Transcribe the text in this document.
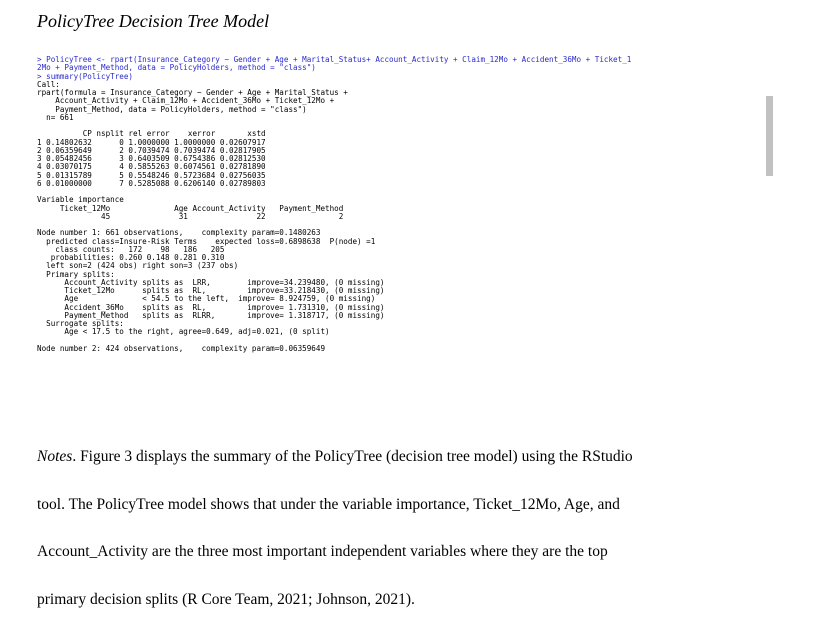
PolicyTree Decision Tree Model
> PolicyTree <- rpart(Insurance_Category ~ Gender + Age + Marital_Status+ Account_Activity + Claim_12Mo + Accident_36Mo + Ticket_1
2Mo + Payment_Method, data = PolicyHolders, method = "class")
> summary(PolicyTree)
Call:
rpart(formula = Insurance_Category ~ Gender + Age + Marital_Status +
Account_Activity + Claim_12Mo + Accident_36Mo + Ticket_12Mo +
Payment_Method, data = PolicyHolders, method = "class")
n= 661

CP nsplit rel error    xerror       xstd
1 0.14802632      0 1.0000000 1.0000000 0.02607917
2 0.06359649      2 0.7039474 0.7039474 0.02817905
3 0.05482456      3 0.6403509 0.6754386 0.02812530
4 0.03070175      4 0.5855263 0.6074561 0.02781890
5 0.01315789      5 0.5548246 0.5723684 0.02756035
6 0.01000000      7 0.5285088 0.6206140 0.02789803

Variable importance
Ticket_12Mo              Age Account_Activity   Payment_Method
45               31               22                2

Node number 1: 661 observations,    complexity param=0.1480263
predicted class=Insure-Risk Terms    expected loss=0.6898638  P(node) =1
class counts:   172    98   186   205
probabilities: 0.260 0.148 0.281 0.310
left son=2 (424 obs) right son=3 (237 obs)
Primary splits:
Account_Activity splits as  LRR,        improve=34.239480, (0 missing)
Ticket_12Mo      splits as  RL,         improve=33.218430, (0 missing)
Age              < 54.5 to the left,  improve= 8.924759, (0 missing)
Accident_36Mo    splits as  RL,         improve= 1.731310, (0 missing)
Payment_Method   splits as  RLRR,       improve= 1.318717, (0 missing)
Surrogate splits:
Age < 17.5 to the right, agree=0.649, adj=0.021, (0 split)

Node number 2: 424 observations,    complexity param=0.06359649

Notes. Figure 3 displays the summary of the PolicyTree (decision tree model) using the RStudio

tool. The PolicyTree model shows that under the variable importance, Ticket_12Mo, Age, and

Account_Activity are the three most important independent variables where they are the top

primary decision splits (R Core Team, 2021; Johnson, 2021).
